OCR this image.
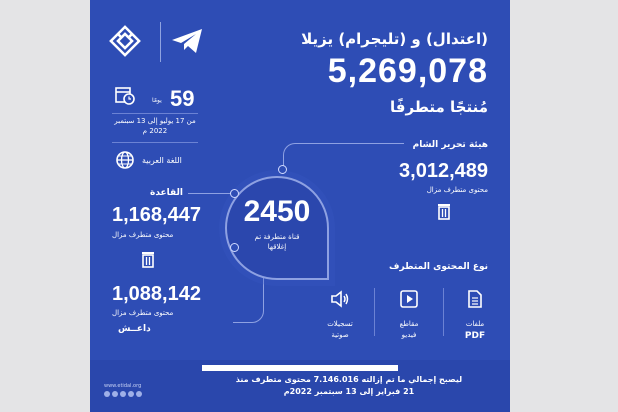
(اعتدال) و (تليجرام) يزيلا
5,269,078
مُنتجًا متطرفًا
59
يومًا
من 17 يوليو إلى 13 سبتمبر
2022 م
اللغة العربية
2450
قناة متطرفة تم
إغلاقها
هيئة تحرير الشام
3,012,489
محتوى متطرف مزال
القاعدة
1,168,447
محتوى متطرف مزال
1,088,142
محتوى متطرف مزال
داعــش
نوع المحتوى المتطرف
ملفات
PDF
مقاطع
فيديو
تسجيلات
صوتية
ليصبح إجمالي ما تم إزالته 7.146.016 محتوى متطرف منذ
21 فبراير إلى 13 سبتمبر 2022م
www.etidal.org
